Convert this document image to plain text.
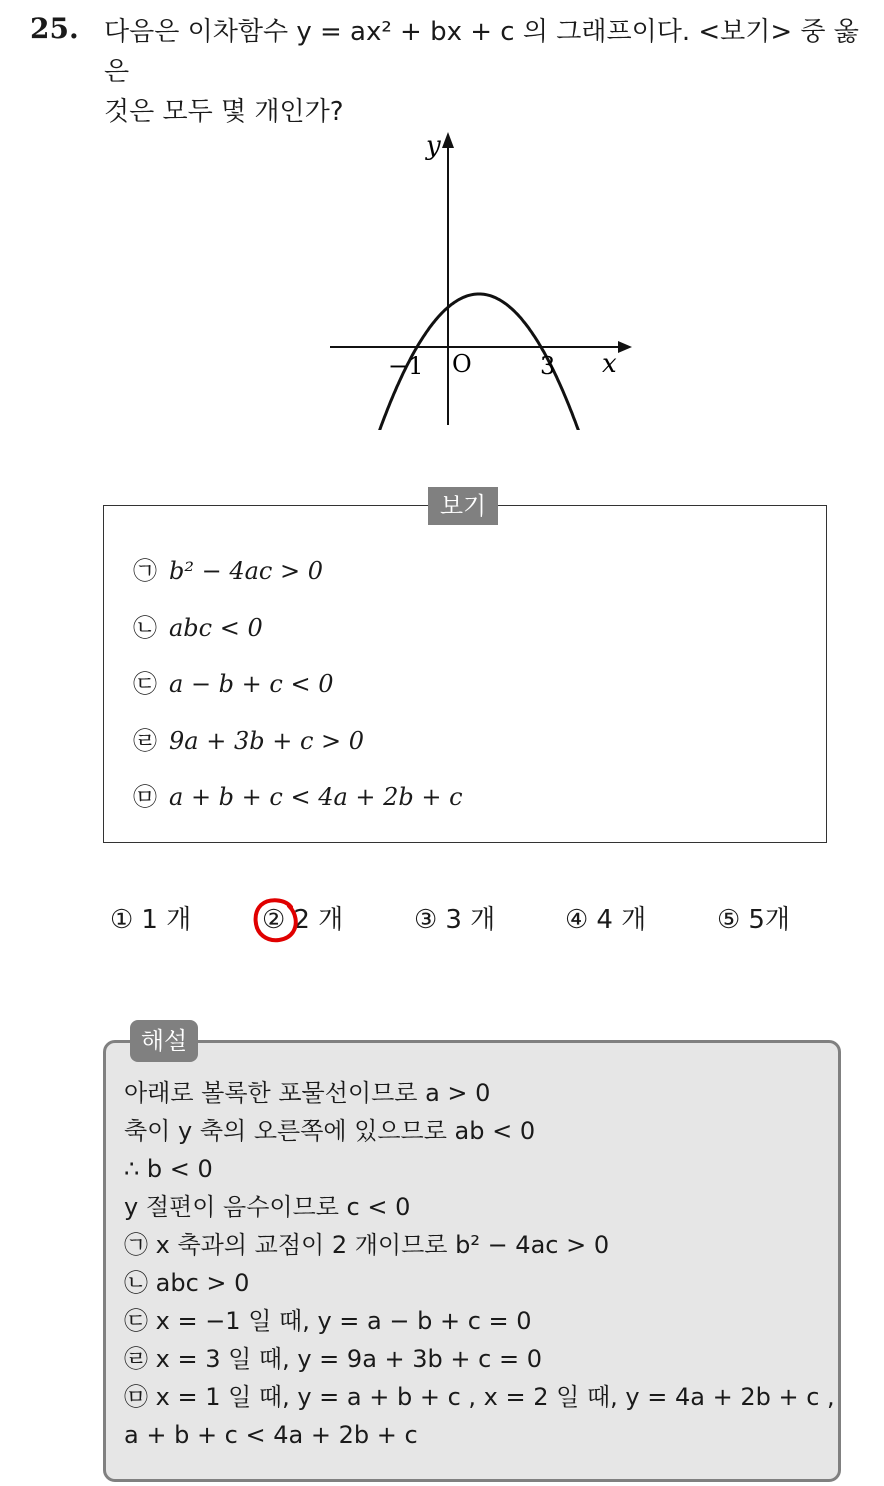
25. 다음은 이차함수 y = ax² + bx + c 의 그래프이다. <보기> 중 옳은
것은 모두 몇 개인가?
y
x
O
−1	3
보기
㉠ b² − 4ac > 0
㉡ abc < 0
㉢ a − b + c < 0
㉣ 9a + 3b + c > 0
㉤ a + b + c < 4a + 2b + c
① 1 개	② 2 개	③ 3 개	④ 4 개	⑤ 5개
해설
아래로 볼록한 포물선이므로 a > 0
축이 y 축의 오른쪽에 있으므로 ab < 0
∴ b < 0
y 절편이 음수이므로 c < 0
㉠ x 축과의 교점이 2 개이므로 b² − 4ac > 0
㉡ abc > 0
㉢ x = −1 일 때, y = a − b + c = 0
㉣ x = 3 일 때, y = 9a + 3b + c = 0
㉤ x = 1 일 때, y = a + b + c , x = 2 일 때, y = 4a + 2b + c ,
a + b + c < 4a + 2b + c
